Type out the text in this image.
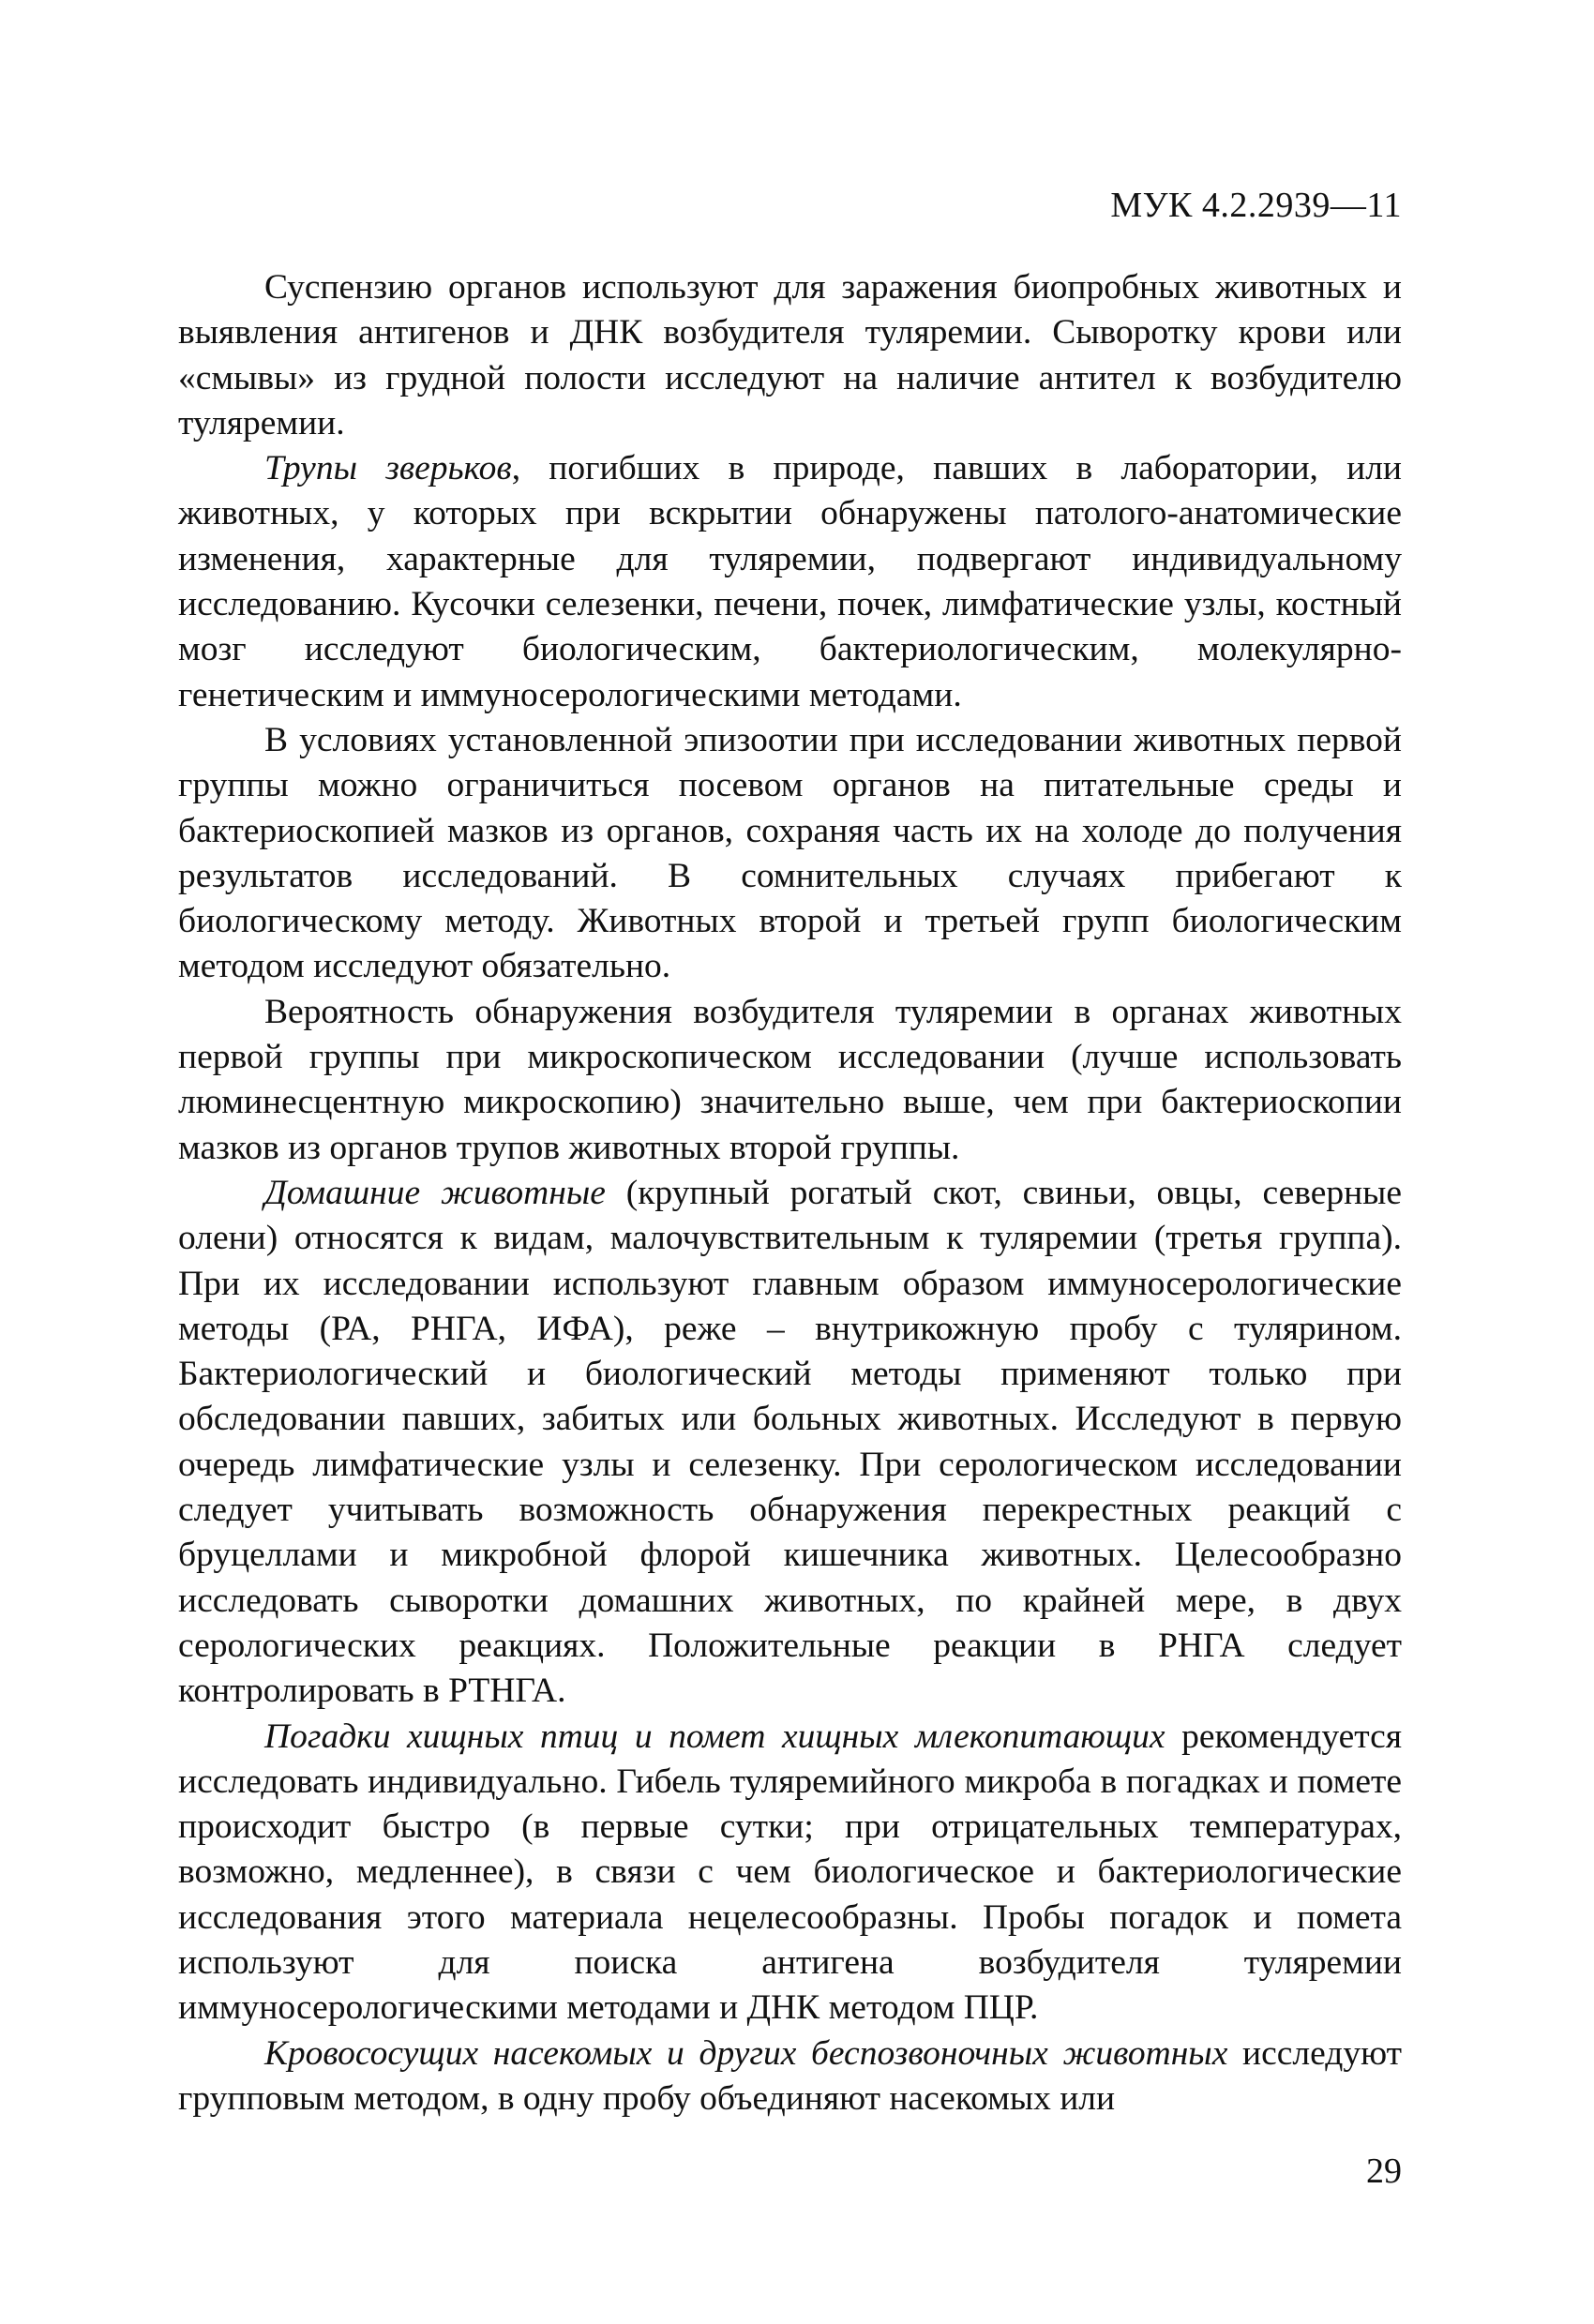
МУК 4.2.2939—11

Суспензию органов используют для заражения биопробных животных и выявления антигенов и ДНК возбудителя туляремии. Сыворотку крови или «смывы» из грудной полости исследуют на наличие антител к возбудителю туляремии.

Трупы зверьков, погибших в природе, павших в лаборатории, или животных, у которых при вскрытии обнаружены патолого-анатомические изменения, характерные для туляремии, подвергают индивидуальному исследованию. Кусочки селезенки, печени, почек, лимфатические узлы, костный мозг исследуют биологическим, бактериологическим, молекулярно-генетическим и иммуносерологическими методами.

В условиях установленной эпизоотии при исследовании животных первой группы можно ограничиться посевом органов на питательные среды и бактериоскопией мазков из органов, сохраняя часть их на холоде до получения результатов исследований. В сомнительных случаях прибегают к биологическому методу. Животных второй и третьей групп биологическим методом исследуют обязательно.

Вероятность обнаружения возбудителя туляремии в органах животных первой группы при микроскопическом исследовании (лучше использовать люминесцентную микроскопию) значительно выше, чем при бактериоскопии мазков из органов трупов животных второй группы.

Домашние животные (крупный рогатый скот, свиньи, овцы, северные олени) относятся к видам, малочувствительным к туляремии (третья группа). При их исследовании используют главным образом иммуносерологические методы (РА, РНГА, ИФА), реже – внутрикожную пробу с тулярином. Бактериологический и биологический методы применяют только при обследовании павших, забитых или больных животных. Исследуют в первую очередь лимфатические узлы и селезенку. При серологическом исследовании следует учитывать возможность обнаружения перекрестных реакций с бруцеллами и микробной флорой кишечника животных. Целесообразно исследовать сыворотки домашних животных, по крайней мере, в двух серологических реакциях. Положительные реакции в РНГА следует контролировать в РТНГА.

Погадки хищных птиц и помет хищных млекопитающих рекомендуется исследовать индивидуально. Гибель туляремийного микроба в погадках и помете происходит быстро (в первые сутки; при отрицательных температурах, возможно, медленнее), в связи с чем биологическое и бактериологические исследования этого материала нецелесообразны. Пробы погадок и помета используют для поиска антигена возбудителя туляремии иммуносерологическими методами и ДНК методом ПЦР.

Кровососущих насекомых и других беспозвоночных животных исследуют групповым методом, в одну пробу объединяют насекомых или

29
